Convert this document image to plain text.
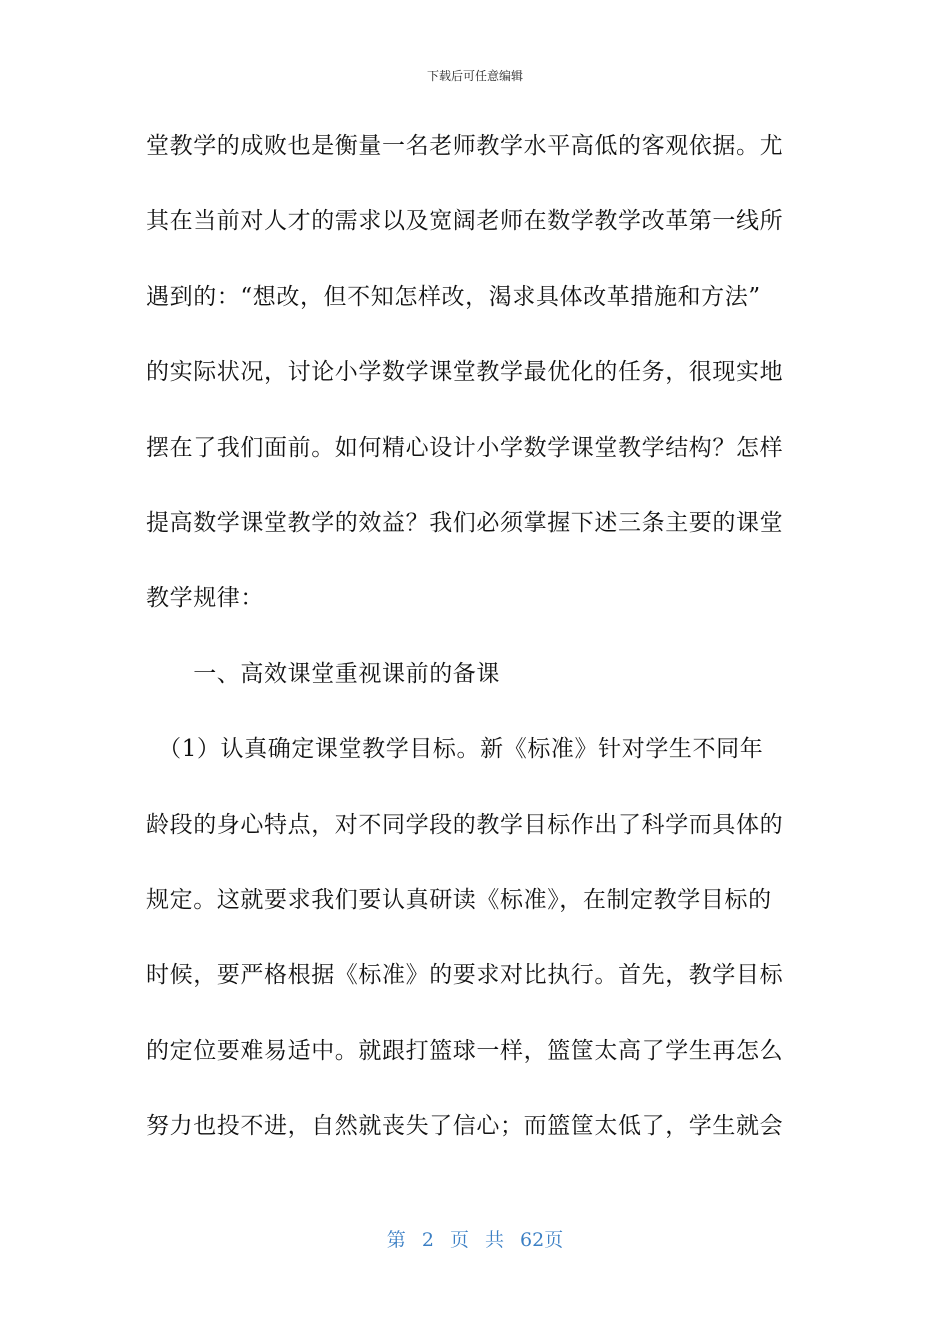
下载后可任意编辑
堂教学的成败也是衡量一名老师教学水平高低的客观依据。尤
其在当前对人才的需求以及宽阔老师在数学教学改革第一线所
遇到的：“想改，但不知怎样改，渴求具体改革措施和方法”
的实际状况，讨论小学数学课堂教学最优化的任务，很现实地
摆在了我们面前。如何精心设计小学数学课堂教学结构？怎样
提高数学课堂教学的效益？我们必须掌握下述三条主要的课堂
教学规律：
　　一、高效课堂重视课前的备课
　（1）认真确定课堂教学目标。新《标准》针对学生不同年
龄段的身心特点，对不同学段的教学目标作出了科学而具体的
规定。这就要求我们要认真研读《标准》，在制定教学目标的
时候，要严格根据《标准》的要求对比执行。首先，教学目标
的定位要难易适中。就跟打篮球一样，篮筐太高了学生再怎么
努力也投不进，自然就丧失了信心；而篮筐太低了，学生就会
第 2 页 共 62页
